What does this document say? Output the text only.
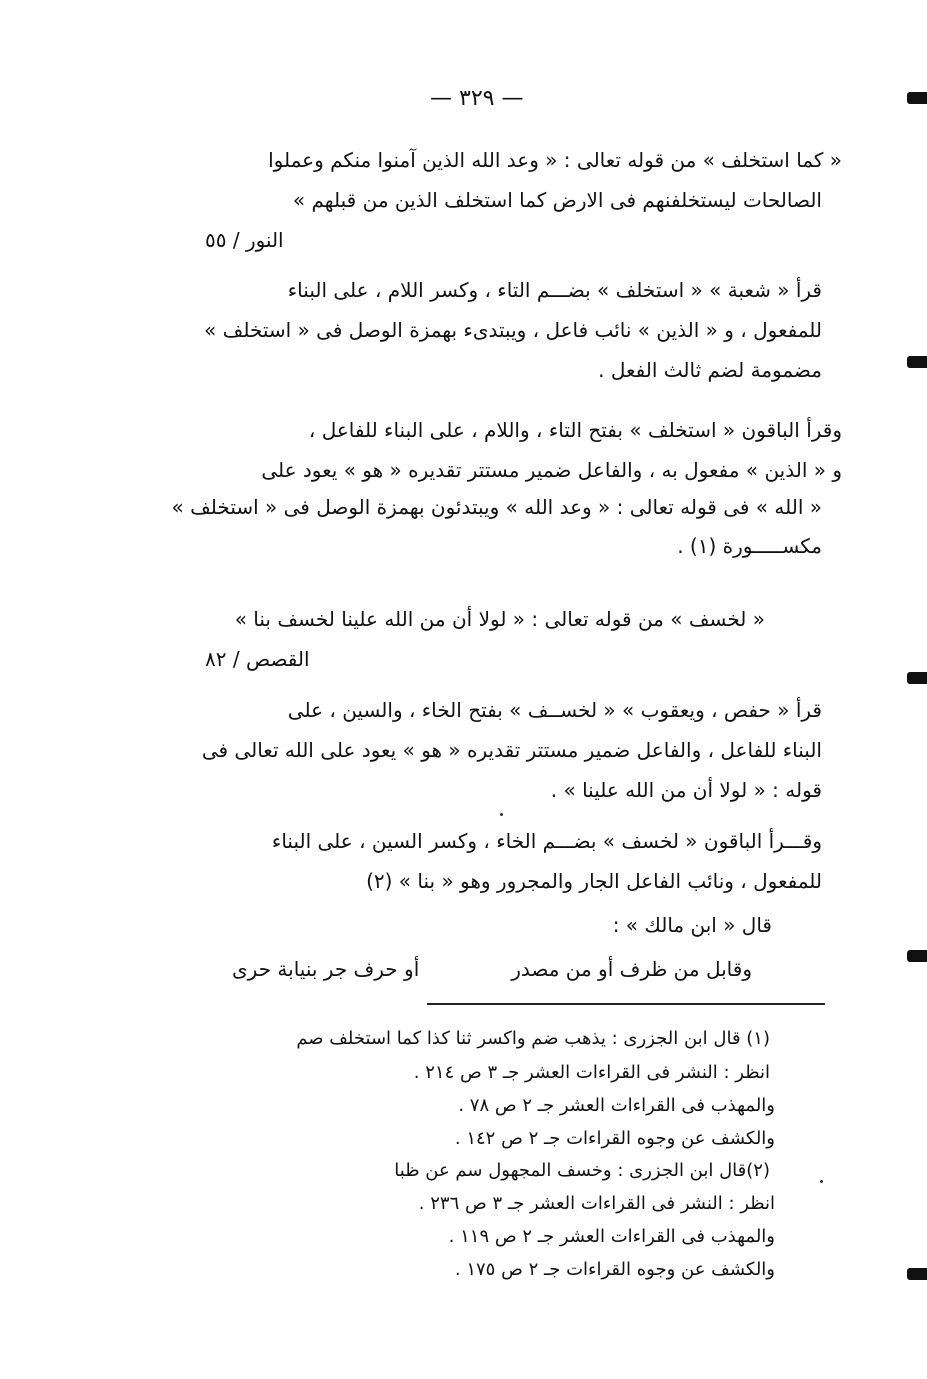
— ٣٢٩ —
« كما استخلف » من قوله تعالى : « وعد الله الذين آمنوا منكم وعملوا
الصالحات ليستخلفنهم فى الارض كما استخلف الذين من قبلهم »
النور / ٥٥
قرأ « شعبة » « استخلف » بضـــم التاء ، وكسر اللام ، على البناء
للمفعول ، و « الذين » نائب فاعل ، ويبتدىء بهمزة الوصل فى « استخلف »
مضمومة لضم ثالث الفعل .
وقرأ الباقون « استخلف » بفتح التاء ، واللام ، على البناء للفاعل ،
و « الذين » مفعول به ، والفاعل ضمير مستتر تقديره « هو » يعود على
« الله » فى قوله تعالى : « وعد الله » ويبتدئون بهمزة الوصل فى « استخلف »
مكســـــورة (١) .
« لخسف » من قوله تعالى : « لولا أن من الله علينا لخسف بنا »
القصص / ٨٢
قرأ « حفص ، ويعقوب » « لخســف » بفتح الخاء ، والسين ، على
البناء للفاعل ، والفاعل ضمير مستتر تقديره « هو » يعود على الله تعالى فى
قوله : « لولا أن من الله علينا » .
وقـــرأ الباقون « لخسف » بضـــم الخاء ، وكسر السين ، على البناء
للمفعول ، ونائب الفاعل الجار والمجرور وهو « بنا » (٢)
قال « ابن مالك » :
وقابل من ظرف أو من مصدر
أو حرف جر بنيابة حرى
(١) قال ابن الجزرى : يذهب ضم واكسر ثنا كذا كما استخلف صم
انظر : النشر فى القراءات العشر جـ ٣ ص ٢١٤ .
والمهذب فى القراءات العشر جـ ٢ ص ٧٨ .
والكشف عن وجوه القراءات جـ ٢ ص ١٤٢ .
(٢)قال ابن الجزرى : وخسف المجهول سم عن ظبا
انظر : النشر فى القراءات العشر جـ ٣ ص ٢٣٦ .
والمهذب فى القراءات العشر جـ ٢ ص ١١٩ .
والكشف عن وجوه القراءات جـ ٢ ص ١٧٥ .
